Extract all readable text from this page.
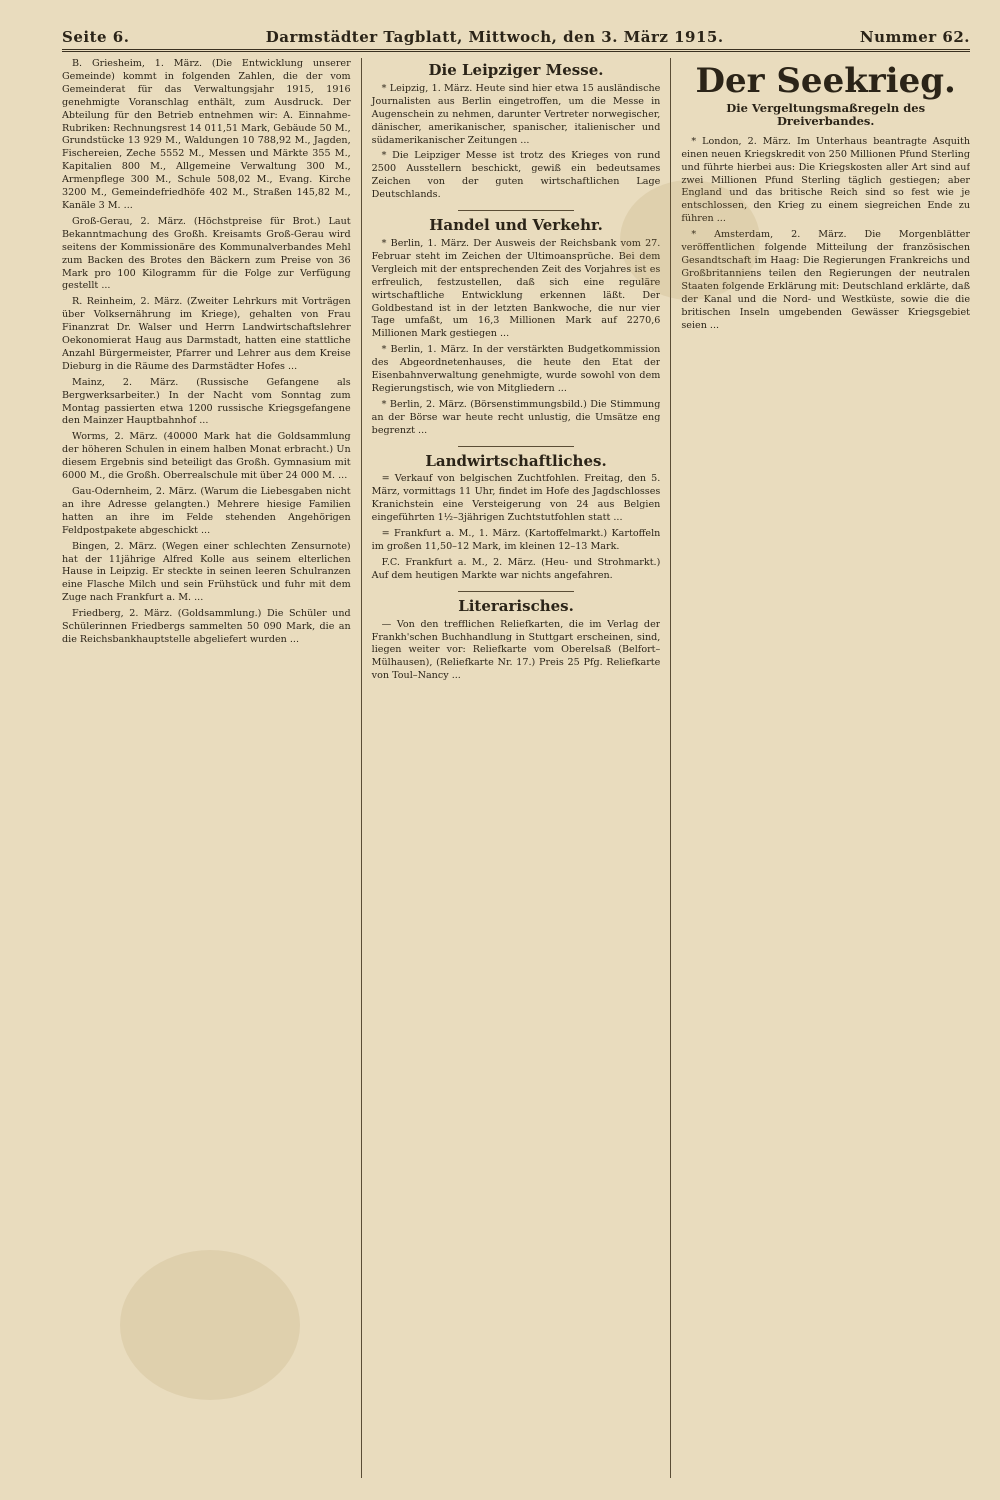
Seite 6.	Darmstädter Tagblatt, Mittwoch, den 3. März 1915.	Nummer 62.

B. Griesheim, 1. März. (Die Entwicklung unserer Gemeinde) kommt in folgenden Zahlen, die der vom Gemeinderat für das Verwaltungsjahr 1915, 1916 genehmigte Voranschlag enthält, zum Ausdruck. Der Abteilung für den Betrieb entnehmen wir: A. Einnahme-Rubriken: Rechnungsrest 14 011,51 Mark, Gebäude 50 M., Grundstücke 13 929 M., Waldungen 10 788,92 M., Jagden, Fischereien, Zeche 5552 M., Messen und Märkte 355 M., Kapitalien 800 M., Allgemeine Verwaltung 300 M., Armenpflege 300 M., Schule 508,02 M., Evang. Kirche 3200 M., Gemeindefriedhöfe 402 M., Straßen 145,82 M., Kanäle 3 M. ...

Groß-Gerau, 2. März. (Höchstpreise für Brot.) Laut Bekanntmachung des Großh. Kreisamts Groß-Gerau wird seitens der Kommissionäre des Kommunalverbandes Mehl zum Backen des Brotes den Bäckern zum Preise von 36 Mark pro 100 Kilogramm für die Folge zur Verfügung gestellt ...

R. Reinheim, 2. März. (Zweiter Lehrkurs mit Vorträgen über Volksernährung im Kriege), gehalten von Frau Finanzrat Dr. Walser und Herrn Landwirtschaftslehrer Oekonomierat Haug aus Darmstadt, hatten eine stattliche Anzahl Bürgermeister, Pfarrer und Lehrer aus dem Kreise Dieburg in die Räume des Darmstädter Hofes ...

Mainz, 2. März. (Russische Gefangene als Bergwerksarbeiter.) In der Nacht vom Sonntag zum Montag passierten etwa 1200 russische Kriegsgefangene den Mainzer Hauptbahnhof ...

Worms, 2. März. (40000 Mark hat die Goldsammlung der höheren Schulen in einem halben Monat erbracht.) Un diesem Ergebnis sind beteiligt das Großh. Gymnasium mit 6000 M., die Großh. Oberrealschule mit über 24 000 M. ...

Gau-Odernheim, 2. März. (Warum die Liebesgaben nicht an ihre Adresse gelangten.) Mehrere hiesige Familien hatten an ihre im Felde stehenden Angehörigen Feldpostpakete abgeschickt ...

Bingen, 2. März. (Wegen einer schlechten Zensurnote) hat der 11jährige Alfred Kolle aus seinem elterlichen Hause in Leipzig. Er steckte in seinen leeren Schulranzen eine Flasche Milch und sein Frühstück und fuhr mit dem Zuge nach Frankfurt a. M. ...

Friedberg, 2. März. (Goldsammlung.) Die Schüler und Schülerinnen Friedbergs sammelten 50 090 Mark, die an die Reichsbankhauptstelle abgeliefert wurden ...

Die Leipziger Messe.

* Leipzig, 1. März. Heute sind hier etwa 15 ausländische Journalisten aus Berlin eingetroffen, um die Messe in Augenschein zu nehmen, darunter Vertreter norwegischer, dänischer, amerikanischer, spanischer, italienischer und südamerikanischer Zeitungen ...

* Die Leipziger Messe ist trotz des Krieges von rund 2500 Ausstellern beschickt, gewiß ein bedeutsames Zeichen von der guten wirtschaftlichen Lage Deutschlands.

Handel und Verkehr.

* Berlin, 1. März. Der Ausweis der Reichsbank vom 27. Februar steht im Zeichen der Ultimoansprüche. Bei dem Vergleich mit der entsprechenden Zeit des Vorjahres ist es erfreulich, festzustellen, daß sich eine reguläre wirtschaftliche Entwicklung erkennen läßt. Der Goldbestand ist in der letzten Bankwoche, die nur vier Tage umfaßt, um 16,3 Millionen Mark auf 2270,6 Millionen Mark gestiegen ...

* Berlin, 1. März. In der verstärkten Budgetkommission des Abgeordnetenhauses, die heute den Etat der Eisenbahnverwaltung genehmigte, wurde sowohl von dem Regierungstisch, wie von Mitgliedern ...

* Berlin, 2. März. (Börsenstimmungsbild.) Die Stimmung an der Börse war heute recht unlustig, die Umsätze eng begrenzt ...

Landwirtschaftliches.

= Verkauf von belgischen Zuchtfohlen. Freitag, den 5. März, vormittags 11 Uhr, findet im Hofe des Jagdschlosses Kranichstein eine Versteigerung von 24 aus Belgien eingeführten 1½–3jährigen Zuchtstutfohlen statt ...

= Frankfurt a. M., 1. März. (Kartoffelmarkt.) Kartoffeln im großen 11,50–12 Mark, im kleinen 12–13 Mark.

F.C. Frankfurt a. M., 2. März. (Heu- und Strohmarkt.) Auf dem heutigen Markte war nichts angefahren.

Literarisches.

— Von den trefflichen Reliefkarten, die im Verlag der Frankh'schen Buchhandlung in Stuttgart erscheinen, sind, liegen weiter vor: Reliefkarte vom Oberelsaß (Belfort–Mülhausen), (Reliefkarte Nr. 17.) Preis 25 Pfg. Reliefkarte von Toul–Nancy ...

Der Seekrieg.
Die Vergeltungsmaßregeln des Dreiverbandes.

* London, 2. März. Im Unterhaus beantragte Asquith einen neuen Kriegskredit von 250 Millionen Pfund Sterling und führte hierbei aus: Die Kriegskosten aller Art sind auf zwei Millionen Pfund Sterling täglich gestiegen; aber England und das britische Reich sind so fest wie je entschlossen, den Krieg zu einem siegreichen Ende zu führen ...

* Amsterdam, 2. März. Die Morgenblätter veröffentlichen folgende Mitteilung der französischen Gesandtschaft im Haag: Die Regierungen Frankreichs und Großbritanniens teilen den Regierungen der neutralen Staaten folgende Erklärung mit: Deutschland erklärte, daß der Kanal und die Nord- und Westküste, sowie die die britischen Inseln umgebenden Gewässer Kriegsgebiet seien ...
